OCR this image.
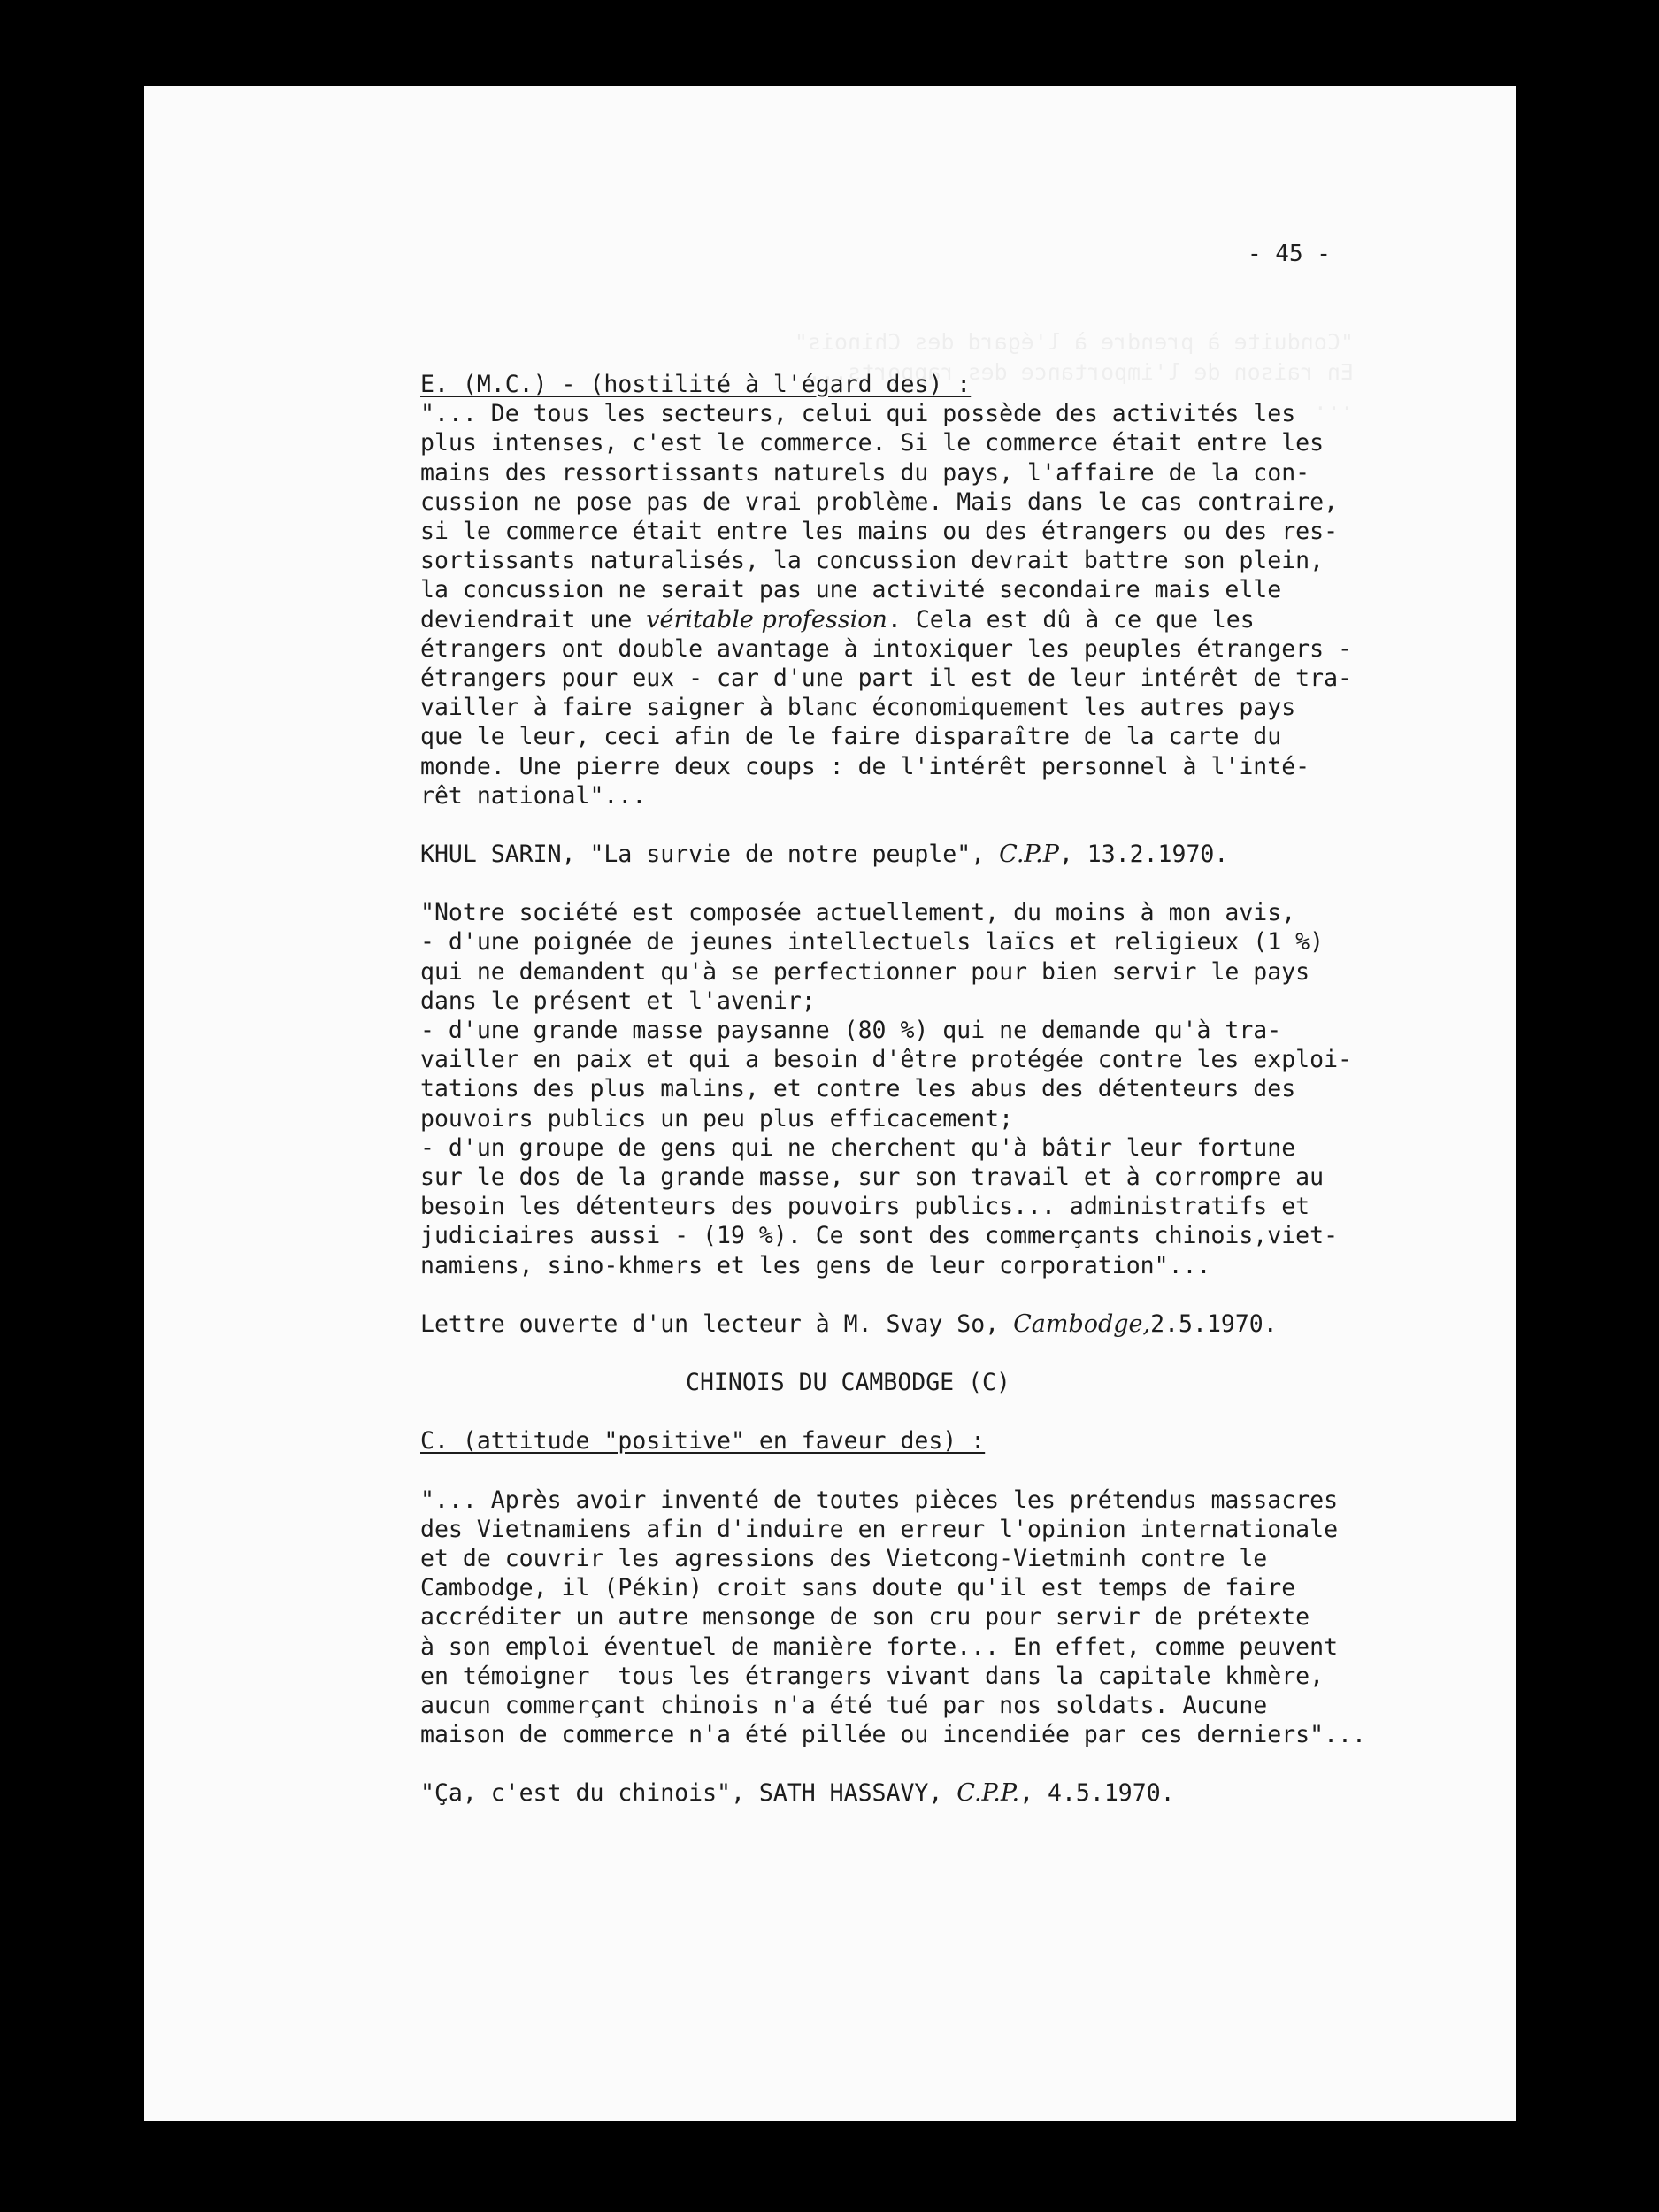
- 45 -

E. (M.C.) - (hostilité à l'égard des) :

"... De tous les secteurs, celui qui possède des activités les
plus intenses, c'est le commerce. Si le commerce était entre les
mains des ressortissants naturels du pays, l'affaire de la con-
cussion ne pose pas de vrai problème. Mais dans le cas contraire,
si le commerce était entre les mains ou des étrangers ou des res-
sortissants naturalisés, la concussion devrait battre son plein,
la concussion ne serait pas une activité secondaire mais elle
deviendrait une véritable profession. Cela est dû à ce que les
étrangers ont double avantage à intoxiquer les peuples étrangers -
étrangers pour eux - car d'une part il est de leur intérêt de tra-
vailler à faire saigner à blanc économiquement les autres pays
que le leur, ceci afin de le faire disparaître de la carte du
monde. Une pierre deux coups : de l'intérêt personnel à l'inté-
rêt national"...

KHUL SARIN, "La survie de notre peuple", C.P.P, 13.2.1970.

"Notre société est composée actuellement, du moins à mon avis,
- d'une poignée de jeunes intellectuels laïcs et religieux (1 %)
qui ne demandent qu'à se perfectionner pour bien servir le pays
dans le présent et l'avenir;
- d'une grande masse paysanne (80 %) qui ne demande qu'à tra-
vailler en paix et qui a besoin d'être protégée contre les exploi-
tations des plus malins, et contre les abus des détenteurs des
pouvoirs publics un peu plus efficacement;
- d'un groupe de gens qui ne cherchent qu'à bâtir leur fortune
sur le dos de la grande masse, sur son travail et à corrompre au
besoin les détenteurs des pouvoirs publics... administratifs et
judiciaires aussi - (19 %). Ce sont des commerçants chinois,viet-
namiens, sino-khmers et les gens de leur corporation"...

Lettre ouverte d'un lecteur à M. Svay So, Cambodge,2.5.1970.

CHINOIS DU CAMBODGE (C)

C. (attitude "positive" en faveur des) :

"... Après avoir inventé de toutes pièces les prétendus massacres
des Vietnamiens afin d'induire en erreur l'opinion internationale
et de couvrir les agressions des Vietcong-Vietminh contre le
Cambodge, il (Pékin) croit sans doute qu'il est temps de faire
accréditer un autre mensonge de son cru pour servir de prétexte
à son emploi éventuel de manière forte... En effet, comme peuvent
en témoigner  tous les étrangers vivant dans la capitale khmère,
aucun commerçant chinois n'a été tué par nos soldats. Aucune
maison de commerce n'a été pillée ou incendiée par ces derniers"...

"Ça, c'est du chinois", SATH HASSAVY, C.P.P., 4.5.1970.
